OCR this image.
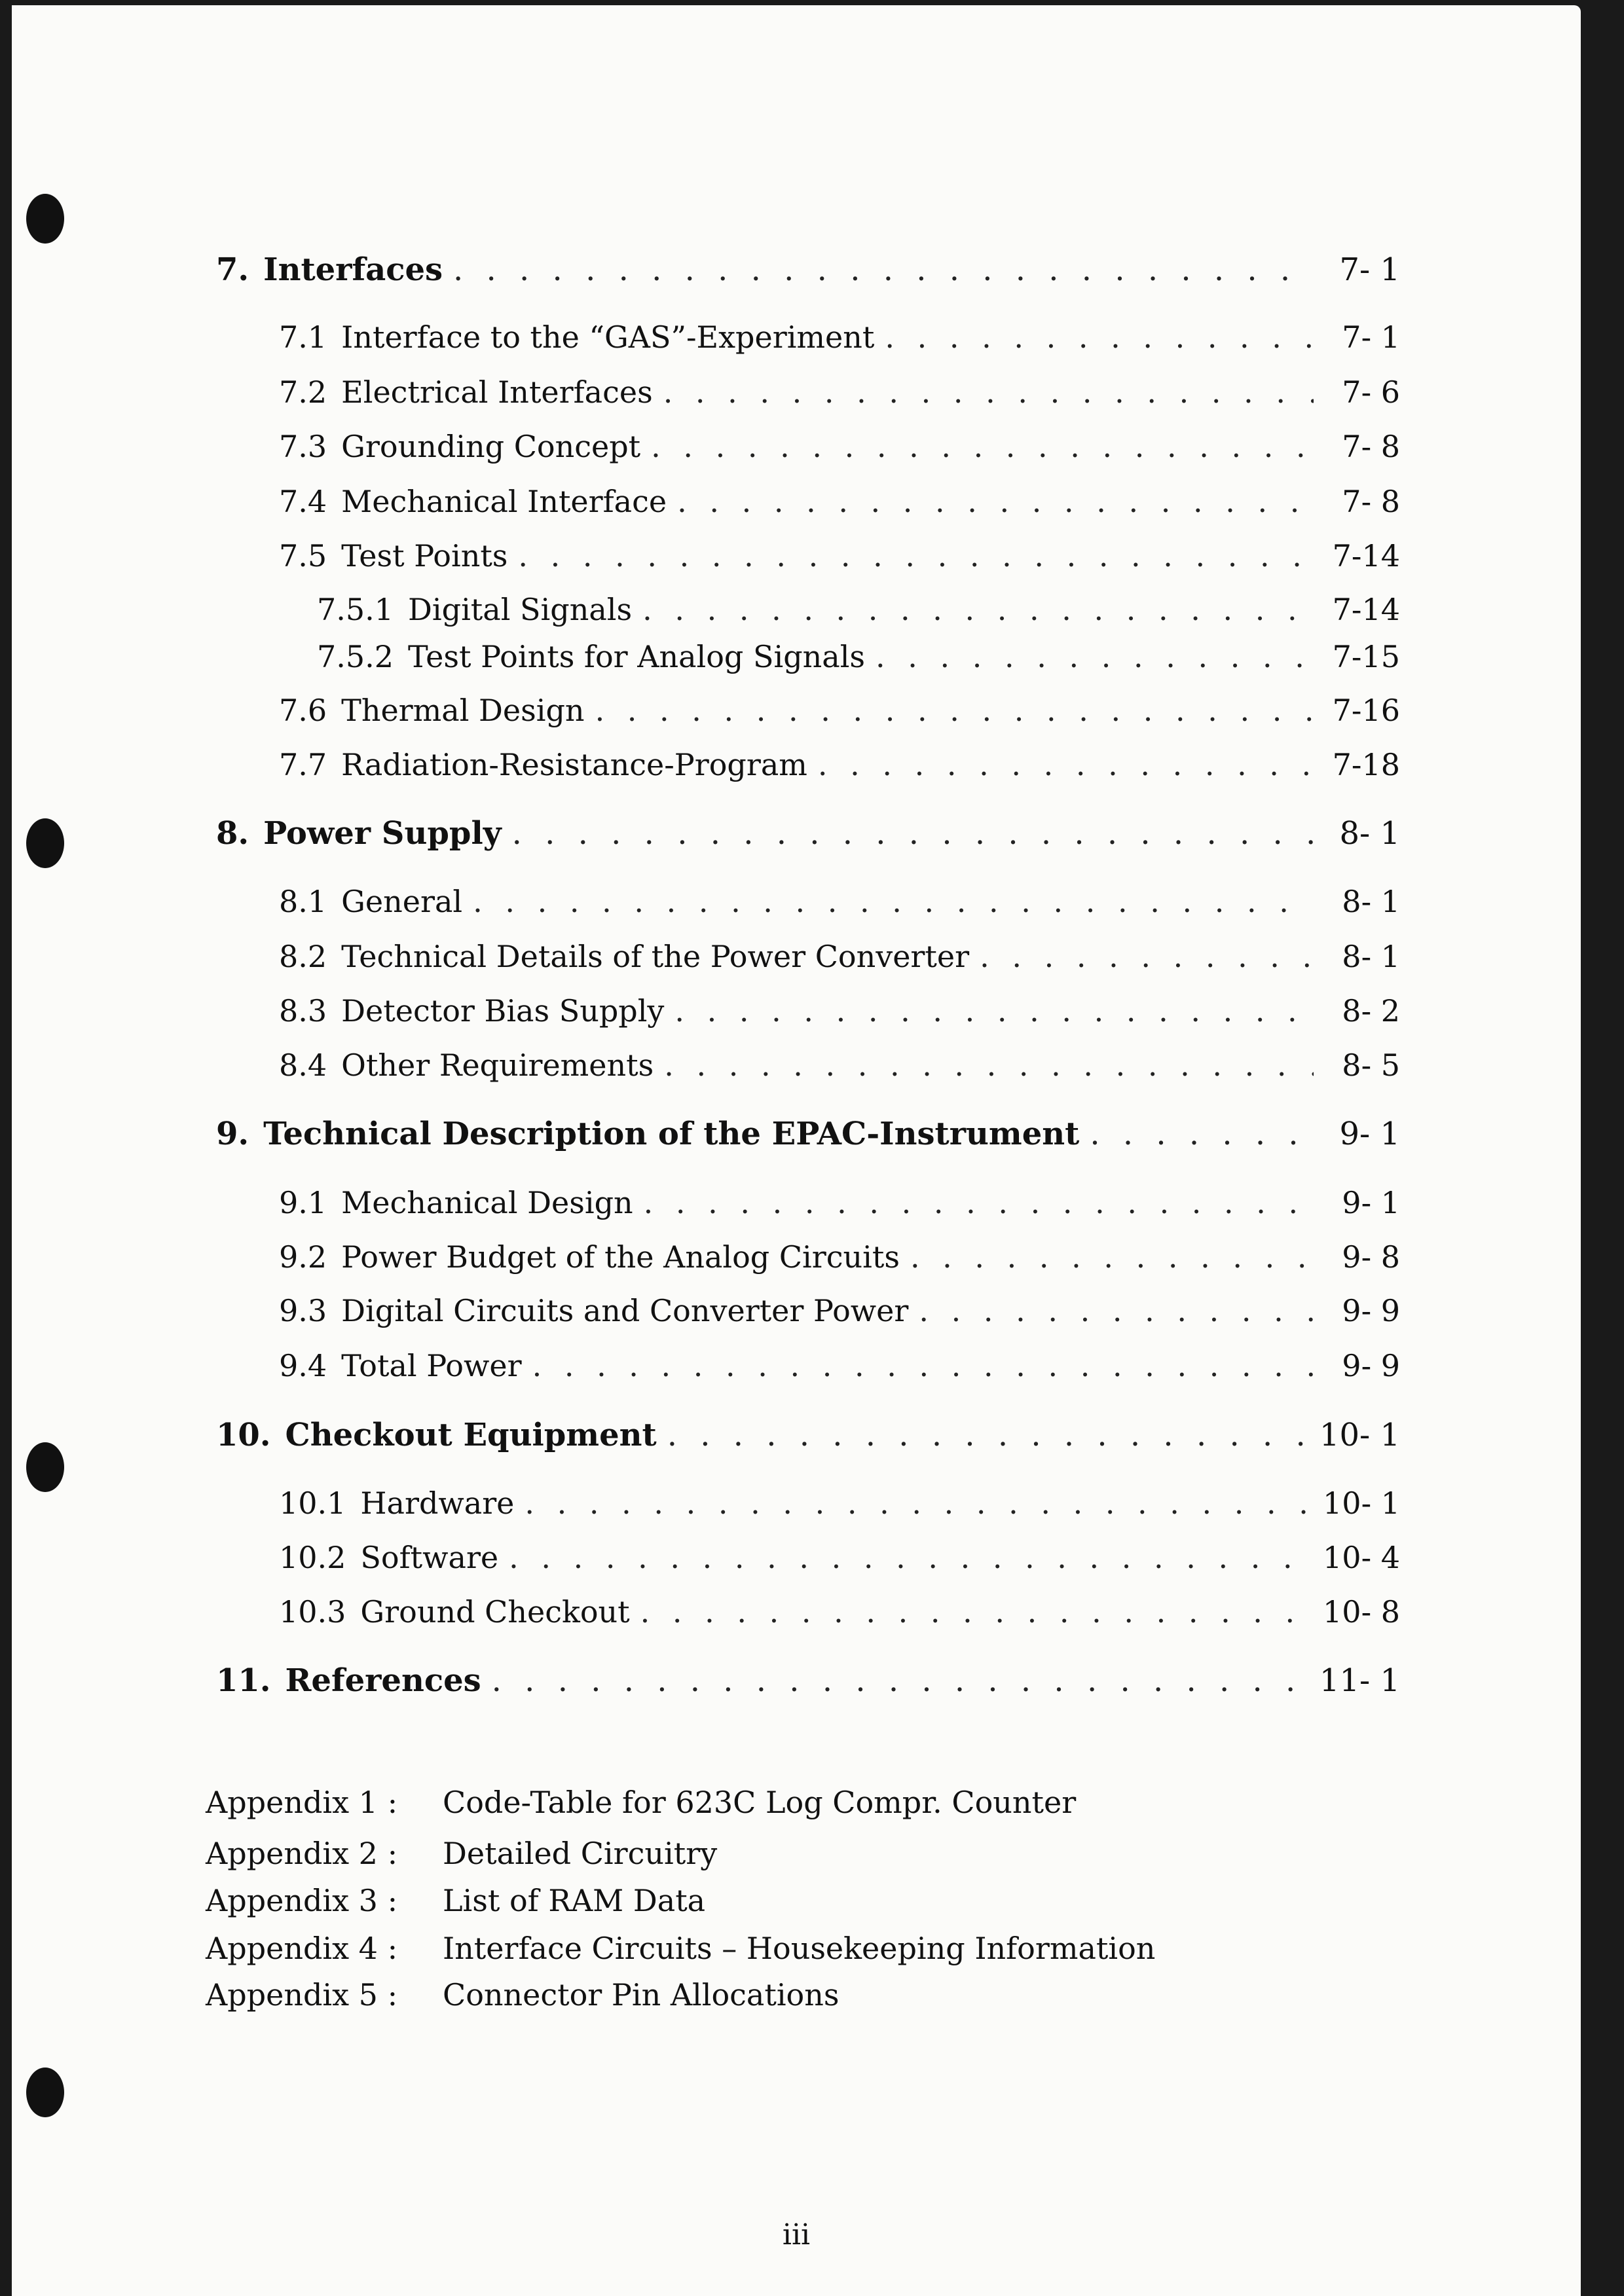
7. Interfaces . . .	7- 1
7.1 Interface to the “GAS”-Experiment . . .	7- 1
7.2 Electrical Interfaces . . .	7- 6
7.3 Grounding Concept . . .	7- 8
7.4 Mechanical Interface . . .	7- 8
7.5 Test Points . . .	7-14
7.5.1 Digital Signals . . .	7-14
7.5.2 Test Points for Analog Signals . . .	7-15
7.6 Thermal Design . . .	7-16
7.7 Radiation-Resistance-Program . . .	7-18
8. Power Supply . . .	8- 1
8.1 General . . .	8- 1
8.2 Technical Details of the Power Converter . . .	8- 1
8.3 Detector Bias Supply . . .	8- 2
8.4 Other Requirements . . .	8- 5
9. Technical Description of the EPAC-Instrument . . .	9- 1
9.1 Mechanical Design . . .	9- 1
9.2 Power Budget of the Analog Circuits . . .	9- 8
9.3 Digital Circuits and Converter Power . . .	9- 9
9.4 Total Power . . .	9- 9
10. Checkout Equipment . . .	10- 1
10.1 Hardware . . .	10- 1
10.2 Software . . .	10- 4
10.3 Ground Checkout . . .	10- 8
11. References . . .	11- 1
Appendix 1 : Code-Table for 623C Log Compr. Counter
Appendix 2 : Detailed Circuitry
Appendix 3 : List of RAM Data
Appendix 4 : Interface Circuits – Housekeeping Information
Appendix 5 : Connector Pin Allocations
iii
